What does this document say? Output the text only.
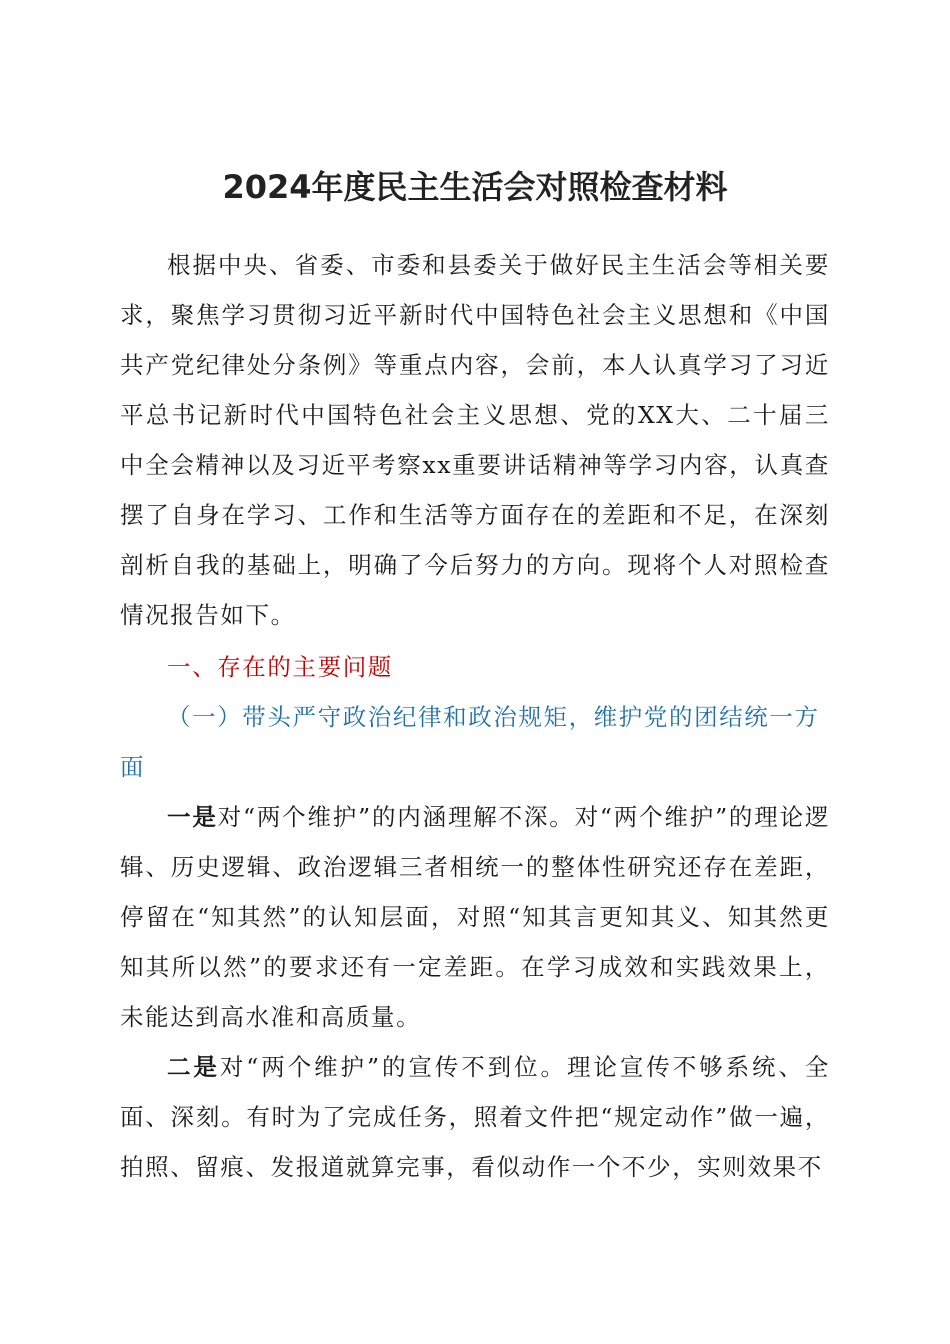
2024年度民主生活会对照检查材料

根据中央、省委、市委和县委关于做好民主生活会等相关要求，聚焦学习贯彻习近平新时代中国特色社会主义思想和《中国共产党纪律处分条例》等重点内容，会前，本人认真学习了习近平总书记新时代中国特色社会主义思想、党的XX大、二十届三中全会精神以及习近平考察xx重要讲话精神等学习内容，认真查摆了自身在学习、工作和生活等方面存在的差距和不足，在深刻剖析自我的基础上，明确了今后努力的方向。现将个人对照检查情况报告如下。

一、存在的主要问题

（一）带头严守政治纪律和政治规矩，维护党的团结统一方面

一是对“两个维护”的内涵理解不深。对“两个维护”的理论逻辑、历史逻辑、政治逻辑三者相统一的整体性研究还存在差距，停留在“知其然”的认知层面，对照“知其言更知其义、知其然更知其所以然”的要求还有一定差距。在学习成效和实践效果上，未能达到高水准和高质量。

二是对“两个维护”的宣传不到位。理论宣传不够系统、全面、深刻。有时为了完成任务，照着文件把“规定动作”做一遍，拍照、留痕、发报道就算完事，看似动作一个不少，实则效果不
